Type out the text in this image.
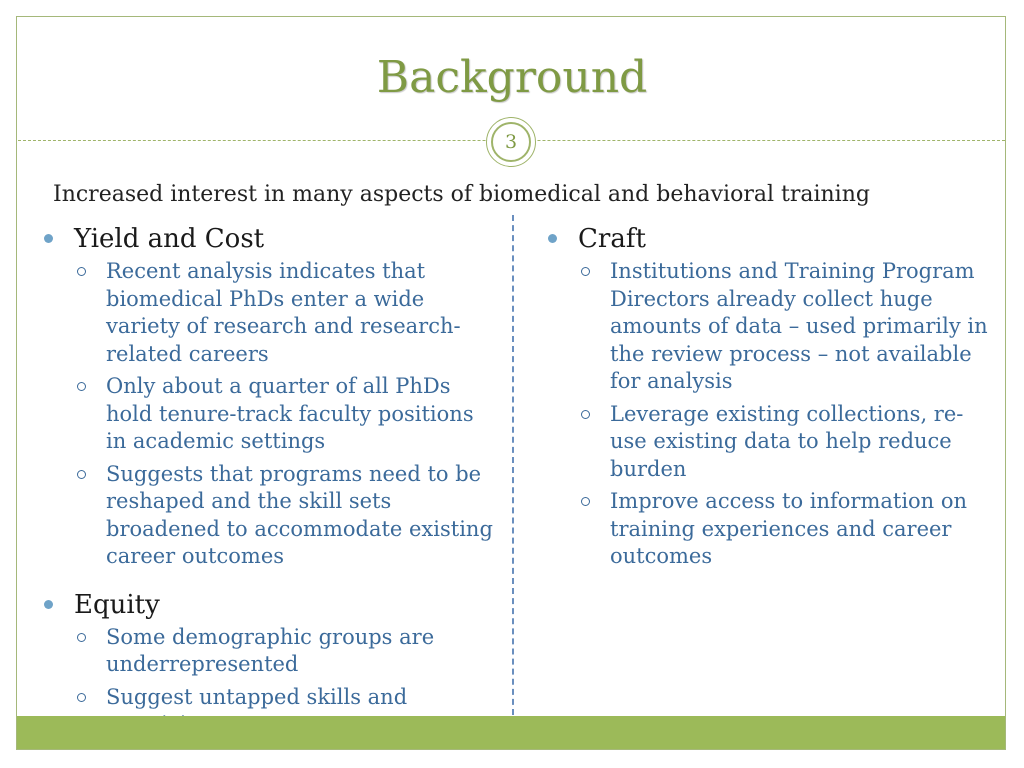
Background
3
Increased interest in many aspects of biomedical and behavioral training
Yield and Cost
Recent analysis indicates that biomedical PhDs enter a wide variety of research and research-related careers
Only about a quarter of all PhDs hold tenure-track faculty positions in academic settings
Suggests that programs need to be reshaped and the skill sets broadened to accommodate existing career outcomes
Equity
Some demographic groups are underrepresented
Suggest untapped skills and
Craft
Institutions and Training Program Directors already collect huge amounts of data – used primarily in the review process – not available for analysis
Leverage existing collections, re-use existing data to help reduce burden
Improve access to information on training experiences and career outcomes
